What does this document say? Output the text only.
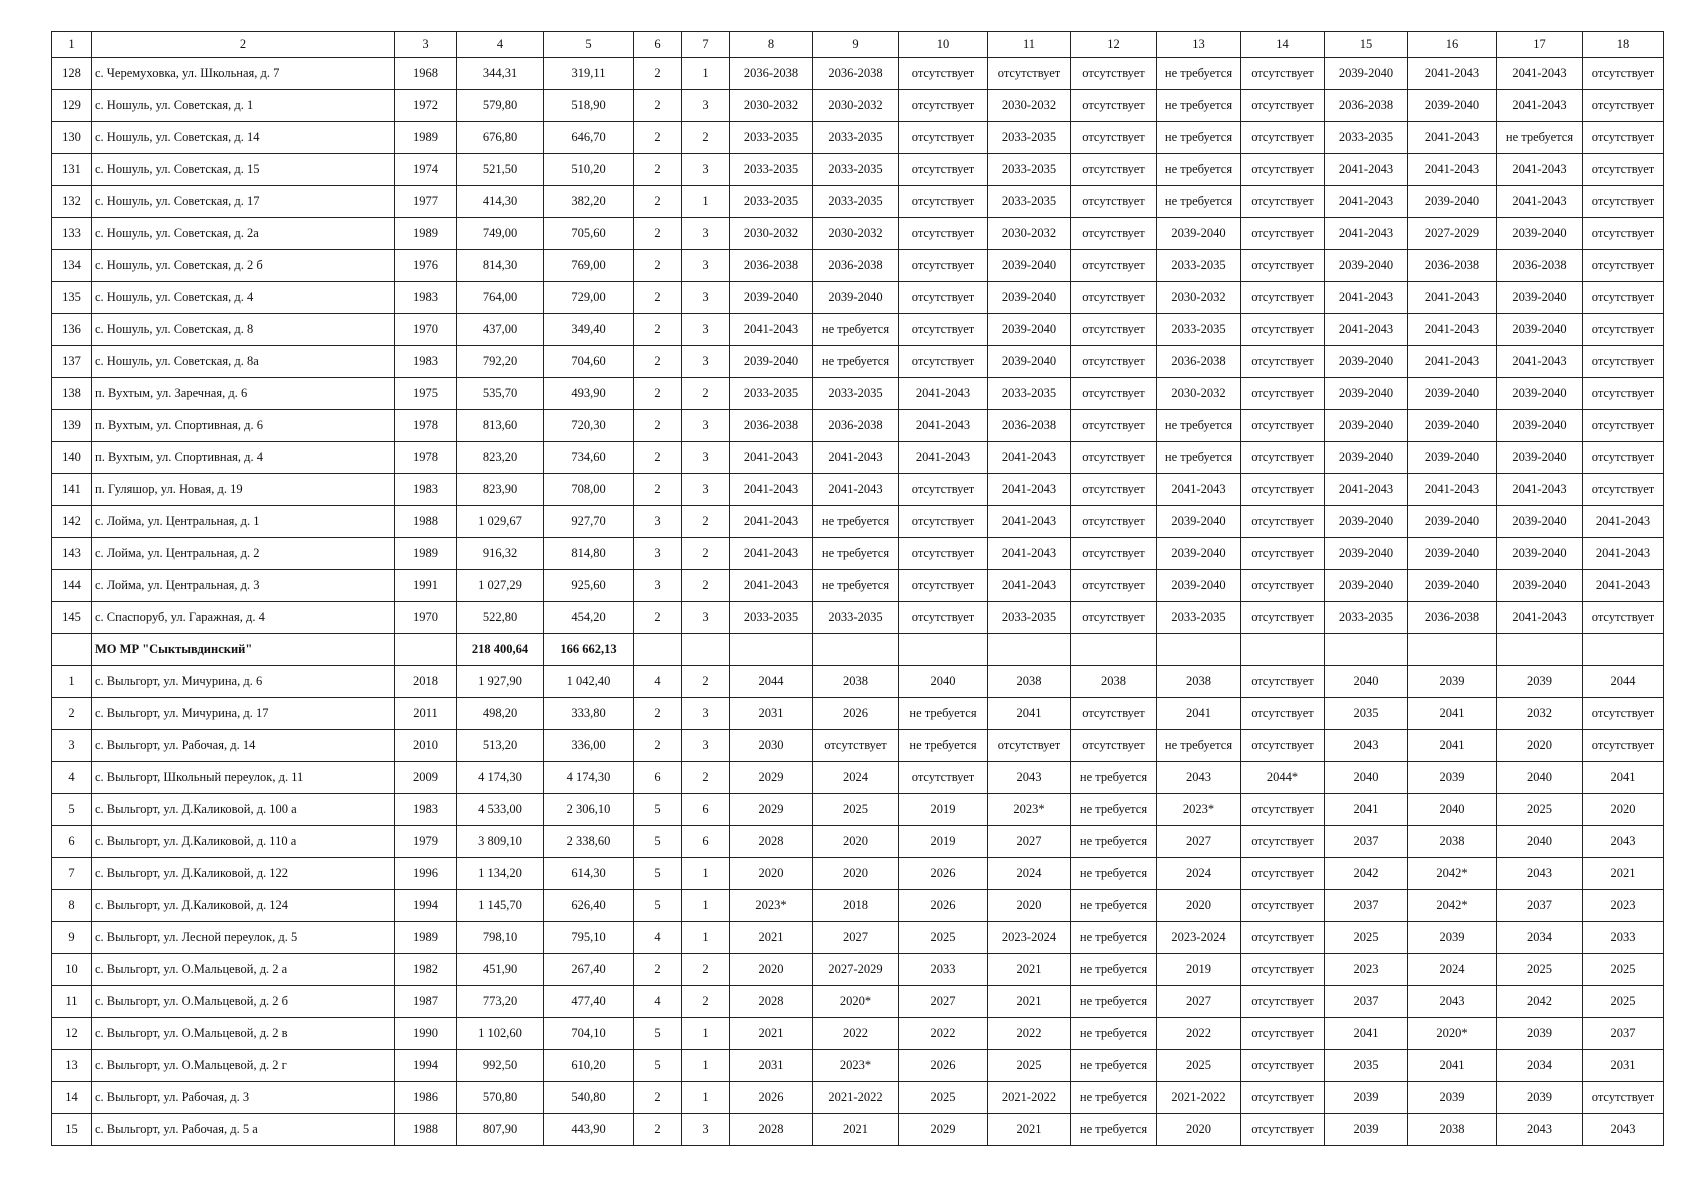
1	2	3	4	5	6	7	8	9	10	11	12	13	14	15	16	17	18
128	с. Черемуховка, ул. Школьная, д. 7	1968	344,31	319,11	2	1	2036-2038	2036-2038	отсутствует	отсутствует	отсутствует	не требуется	отсутствует	2039-2040	2041-2043	2041-2043	отсутствует
129	с. Ношуль, ул. Советская, д. 1	1972	579,80	518,90	2	3	2030-2032	2030-2032	отсутствует	2030-2032	отсутствует	не требуется	отсутствует	2036-2038	2039-2040	2041-2043	отсутствует
130	с. Ношуль, ул. Советская, д. 14	1989	676,80	646,70	2	2	2033-2035	2033-2035	отсутствует	2033-2035	отсутствует	не требуется	отсутствует	2033-2035	2041-2043	не требуется	отсутствует
131	с. Ношуль, ул. Советская, д. 15	1974	521,50	510,20	2	3	2033-2035	2033-2035	отсутствует	2033-2035	отсутствует	не требуется	отсутствует	2041-2043	2041-2043	2041-2043	отсутствует
132	с. Ношуль, ул. Советская, д. 17	1977	414,30	382,20	2	1	2033-2035	2033-2035	отсутствует	2033-2035	отсутствует	не требуется	отсутствует	2041-2043	2039-2040	2041-2043	отсутствует
133	с. Ношуль, ул. Советская, д. 2а	1989	749,00	705,60	2	3	2030-2032	2030-2032	отсутствует	2030-2032	отсутствует	2039-2040	отсутствует	2041-2043	2027-2029	2039-2040	отсутствует
134	с. Ношуль, ул. Советская, д. 2 б	1976	814,30	769,00	2	3	2036-2038	2036-2038	отсутствует	2039-2040	отсутствует	2033-2035	отсутствует	2039-2040	2036-2038	2036-2038	отсутствует
135	с. Ношуль, ул. Советская, д. 4	1983	764,00	729,00	2	3	2039-2040	2039-2040	отсутствует	2039-2040	отсутствует	2030-2032	отсутствует	2041-2043	2041-2043	2039-2040	отсутствует
136	с. Ношуль, ул. Советская, д. 8	1970	437,00	349,40	2	3	2041-2043	не требуется	отсутствует	2039-2040	отсутствует	2033-2035	отсутствует	2041-2043	2041-2043	2039-2040	отсутствует
137	с. Ношуль, ул. Советская, д. 8а	1983	792,20	704,60	2	3	2039-2040	не требуется	отсутствует	2039-2040	отсутствует	2036-2038	отсутствует	2039-2040	2041-2043	2041-2043	отсутствует
138	п. Вухтым, ул. Заречная, д. 6	1975	535,70	493,90	2	2	2033-2035	2033-2035	2041-2043	2033-2035	отсутствует	2030-2032	отсутствует	2039-2040	2039-2040	2039-2040	отсутствует
139	п. Вухтым, ул. Спортивная, д. 6	1978	813,60	720,30	2	3	2036-2038	2036-2038	2041-2043	2036-2038	отсутствует	не требуется	отсутствует	2039-2040	2039-2040	2039-2040	отсутствует
140	п. Вухтым, ул. Спортивная, д. 4	1978	823,20	734,60	2	3	2041-2043	2041-2043	2041-2043	2041-2043	отсутствует	не требуется	отсутствует	2039-2040	2039-2040	2039-2040	отсутствует
141	п. Гуляшор, ул. Новая, д. 19	1983	823,90	708,00	2	3	2041-2043	2041-2043	отсутствует	2041-2043	отсутствует	2041-2043	отсутствует	2041-2043	2041-2043	2041-2043	отсутствует
142	с. Лойма, ул. Центральная, д. 1	1988	1 029,67	927,70	3	2	2041-2043	не требуется	отсутствует	2041-2043	отсутствует	2039-2040	отсутствует	2039-2040	2039-2040	2039-2040	2041-2043
143	с. Лойма, ул. Центральная, д. 2	1989	916,32	814,80	3	2	2041-2043	не требуется	отсутствует	2041-2043	отсутствует	2039-2040	отсутствует	2039-2040	2039-2040	2039-2040	2041-2043
144	с. Лойма, ул. Центральная, д. 3	1991	1 027,29	925,60	3	2	2041-2043	не требуется	отсутствует	2041-2043	отсутствует	2039-2040	отсутствует	2039-2040	2039-2040	2039-2040	2041-2043
145	с. Спаспоруб, ул. Гаражная, д. 4	1970	522,80	454,20	2	3	2033-2035	2033-2035	отсутствует	2033-2035	отсутствует	2033-2035	отсутствует	2033-2035	2036-2038	2041-2043	отсутствует
	МО МР "Сыктывдинский"		218 400,64	166 662,13													
1	с. Выльгорт, ул. Мичурина, д. 6	2018	1 927,90	1 042,40	4	2	2044	2038	2040	2038	2038	2038	отсутствует	2040	2039	2039	2044
2	с. Выльгорт, ул. Мичурина, д. 17	2011	498,20	333,80	2	3	2031	2026	не требуется	2041	отсутствует	2041	отсутствует	2035	2041	2032	отсутствует
3	с. Выльгорт, ул. Рабочая, д. 14	2010	513,20	336,00	2	3	2030	отсутствует	не требуется	отсутствует	отсутствует	не требуется	отсутствует	2043	2041	2020	отсутствует
4	с. Выльгорт, Школьный переулок, д. 11	2009	4 174,30	4 174,30	6	2	2029	2024	отсутствует	2043	не требуется	2043	2044*	2040	2039	2040	2041
5	с. Выльгорт, ул. Д.Каликовой, д. 100 а	1983	4 533,00	2 306,10	5	6	2029	2025	2019	2023*	не требуется	2023*	отсутствует	2041	2040	2025	2020
6	с. Выльгорт, ул. Д.Каликовой, д. 110 а	1979	3 809,10	2 338,60	5	6	2028	2020	2019	2027	не требуется	2027	отсутствует	2037	2038	2040	2043
7	с. Выльгорт, ул. Д.Каликовой, д. 122	1996	1 134,20	614,30	5	1	2020	2020	2026	2024	не требуется	2024	отсутствует	2042	2042*	2043	2021
8	с. Выльгорт, ул. Д.Каликовой, д. 124	1994	1 145,70	626,40	5	1	2023*	2018	2026	2020	не требуется	2020	отсутствует	2037	2042*	2037	2023
9	с. Выльгорт, ул. Лесной переулок, д. 5	1989	798,10	795,10	4	1	2021	2027	2025	2023-2024	не требуется	2023-2024	отсутствует	2025	2039	2034	2033
10	с. Выльгорт, ул. О.Мальцевой, д. 2 а	1982	451,90	267,40	2	2	2020	2027-2029	2033	2021	не требуется	2019	отсутствует	2023	2024	2025	2025
11	с. Выльгорт, ул. О.Мальцевой, д. 2 б	1987	773,20	477,40	4	2	2028	2020*	2027	2021	не требуется	2027	отсутствует	2037	2043	2042	2025
12	с. Выльгорт, ул. О.Мальцевой, д. 2 в	1990	1 102,60	704,10	5	1	2021	2022	2022	2022	не требуется	2022	отсутствует	2041	2020*	2039	2037
13	с. Выльгорт, ул. О.Мальцевой, д. 2 г	1994	992,50	610,20	5	1	2031	2023*	2026	2025	не требуется	2025	отсутствует	2035	2041	2034	2031
14	с. Выльгорт, ул. Рабочая, д. 3	1986	570,80	540,80	2	1	2026	2021-2022	2025	2021-2022	не требуется	2021-2022	отсутствует	2039	2039	2039	отсутствует
15	с. Выльгорт, ул. Рабочая, д. 5 а	1988	807,90	443,90	2	3	2028	2021	2029	2021	не требуется	2020	отсутствует	2039	2038	2043	2043
